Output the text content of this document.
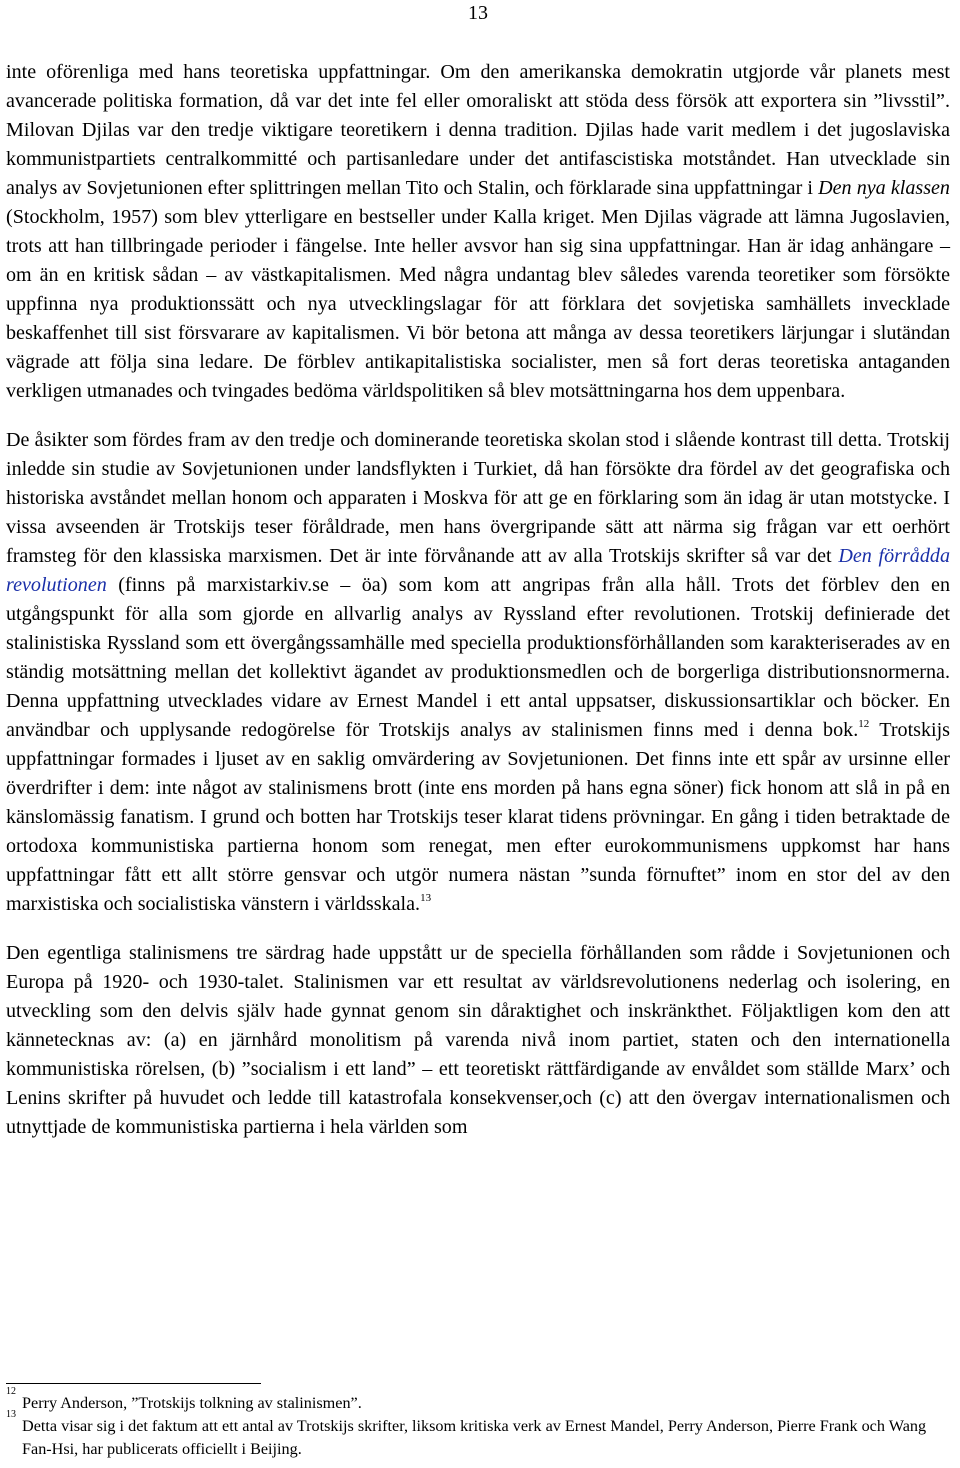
13

inte oförenliga med hans teoretiska uppfattningar. Om den amerikanska demokratin utgjorde vår planets mest avancerade politiska formation, då var det inte fel eller omoraliskt att stöda dess försök att exportera sin ”livsstil”. Milovan Djilas var den tredje viktigare teoretikern i denna tradition. Djilas hade varit medlem i det jugoslaviska kommunistpartiets centralkommitté och partisanledare under det antifascistiska motståndet. Han utvecklade sin analys av Sovjetunionen efter splittringen mellan Tito och Stalin, och förklarade sina uppfattningar i Den nya klassen (Stockholm, 1957) som blev ytterligare en bestseller under Kalla kriget. Men Djilas vägrade att lämna Jugoslavien, trots att han tillbringade perioder i fängelse. Inte heller avsvor han sig sina uppfattningar. Han är idag anhängare – om än en kritisk sådan – av västkapitalismen. Med några undantag blev således varenda teoretiker som försökte uppfinna nya produktionssätt och nya utvecklingslagar för att förklara det sovjetiska samhällets invecklade beskaffenhet till sist försvarare av kapitalismen. Vi bör betona att många av dessa teoretikers lärjungar i slutändan vägrade att följa sina ledare. De förblev antikapitalistiska socialister, men så fort deras teoretiska antaganden verkligen utmanades och tvingades bedöma världspolitiken så blev motsättningarna hos dem uppenbara.

De åsikter som fördes fram av den tredje och dominerande teoretiska skolan stod i slående kontrast till detta. Trotskij inledde sin studie av Sovjetunionen under landsflykten i Turkiet, då han försökte dra fördel av det geografiska och historiska avståndet mellan honom och apparaten i Moskva för att ge en förklaring som än idag är utan motstycke. I vissa avseenden är Trotskijs teser föråldrade, men hans övergripande sätt att närma sig frågan var ett oerhört framsteg för den klassiska marxismen. Det är inte förvånande att av alla Trotskijs skrifter så var det Den förrådda revolutionen (finns på marxistarkiv.se – öa) som kom att angripas från alla håll. Trots det förblev den en utgångspunkt för alla som gjorde en allvarlig analys av Ryssland efter revolutionen. Trotskij definierade det stalinistiska Ryssland som ett övergångssamhälle med speciella produktionsförhållanden som karakteriserades av en ständig motsättning mellan det kollektivt ägandet av produktionsmedlen och de borgerliga distributionsnormerna. Denna uppfattning utvecklades vidare av Ernest Mandel i ett antal uppsatser, diskussionsartiklar och böcker. En användbar och upplysande redogörelse för Trotskijs analys av stalinismen finns med i denna bok.$^{12}$ Trotskijs uppfattningar formades i ljuset av en saklig omvärdering av Sovjetunionen. Det finns inte ett spår av ursinne eller överdrifter i dem: inte något av stalinismens brott (inte ens morden på hans egna söner) fick honom att slå in på en känslomässig fanatism. I grund och botten har Trotskijs teser klarat tidens prövningar. En gång i tiden betraktade de ortodoxa kommunistiska partierna honom som renegat, men efter eurokommunismens uppkomst har hans uppfattningar fått ett allt större gensvar och utgör numera nästan ”sunda förnuftet” inom en stor del av den marxistiska och socialistiska vänstern i världsskala.$^{13}$

Den egentliga stalinismens tre särdrag hade uppstått ur de speciella förhållanden som rådde i Sovjetunionen och Europa på 1920- och 1930-talet. Stalinismen var ett resultat av världsrevolutionens nederlag och isolering, en utveckling som den delvis själv hade gynnat genom sin dåraktighet och inskränkthet. Följaktligen kom den att kännetecknas av: (a) en järnhård monolitism på varenda nivå inom partiet, staten och den internationella kommunistiska rörelsen, (b) ”socialism i ett land” – ett teoretiskt rättfärdigande av envåldet som ställde Marx’ och Lenins skrifter på huvudet och ledde till katastrofala konsekvenser,och (c) att den övergav internationalismen och utnyttjade de kommunistiska partierna i hela världen som

12
Perry Anderson, ”Trotskijs tolkning av stalinismen”.
13
Detta visar sig i det faktum att ett antal av Trotskijs skrifter, liksom kritiska verk av Ernest Mandel, Perry Anderson, Pierre Frank och Wang Fan-Hsi, har publicerats officiellt i Beijing.
